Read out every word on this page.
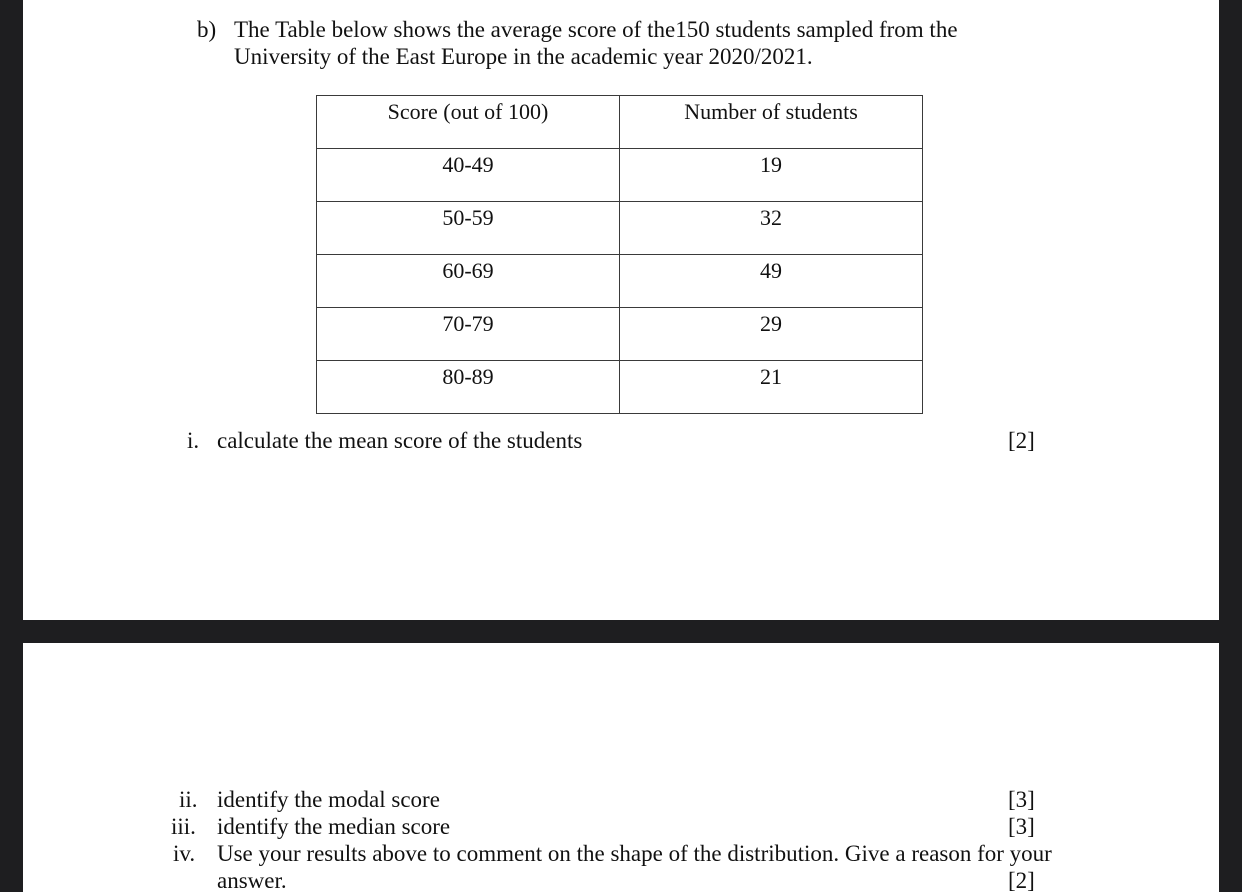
b) The Table below shows the average score of the150 students sampled from the
University of the East Europe in the academic year 2020/2021.
Score (out of 100)	Number of students

40-49	19

50-59	32

60-69	49

70-79	29

80-89	21
i. calculate the mean score of the students	[2]
ii. identify the modal score	[3]
iii. identify the median score	[3]
iv. Use your results above to comment on the shape of the distribution. Give a reason for your
answer.	[2]
